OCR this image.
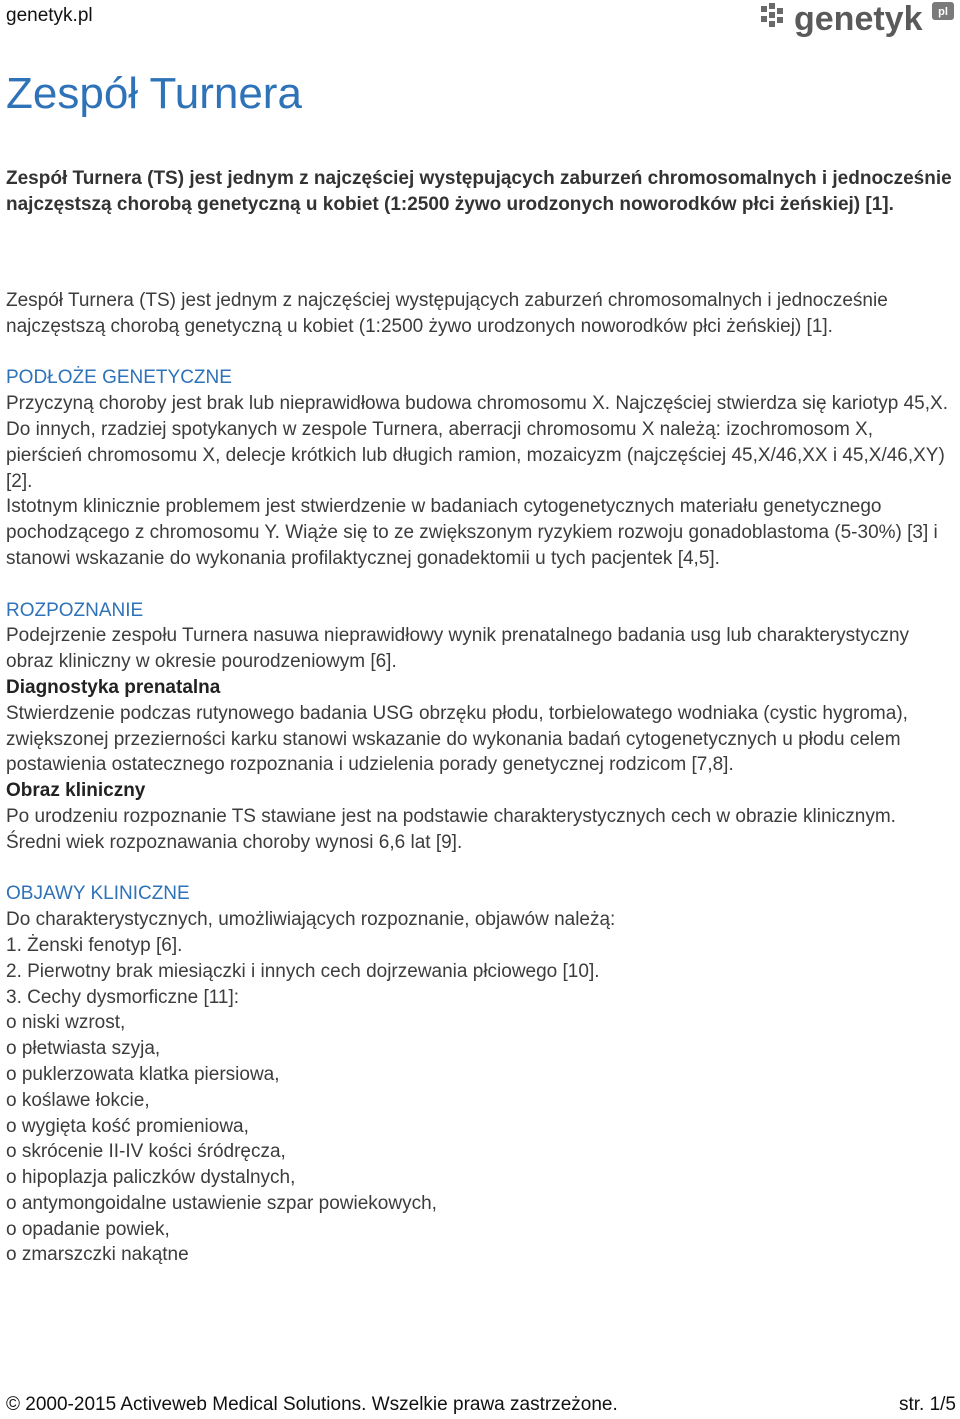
genetyk.pl	genetyk pl
Zespół Turnera

Zespół Turnera (TS) jest jednym z najczęściej występujących zaburzeń chromosomalnych i jednocześnie najczęstszą chorobą genetyczną u kobiet (1:2500 żywo urodzonych noworodków płci żeńskiej) [1].

Zespół Turnera (TS) jest jednym z najczęściej występujących zaburzeń chromosomalnych i jednocześnie najczęstszą chorobą genetyczną u kobiet (1:2500 żywo urodzonych noworodków płci żeńskiej) [1].

PODŁOŻE GENETYCZNE

Przyczyną choroby jest brak lub nieprawidłowa budowa chromosomu X. Najczęściej stwierdza się kariotyp 45,X. Do innych, rzadziej spotykanych w zespole Turnera, aberracji chromosomu X należą: izochromosom X, pierścień chromosomu X, delecje krótkich lub długich ramion, mozaicyzm (najczęściej 45,X/46,XX i 45,X/46,XY) [2].

Istotnym klinicznie problemem jest stwierdzenie w badaniach cytogenetycznych materiału genetycznego pochodzącego z chromosomu Y. Wiąże się to ze zwiększonym ryzykiem rozwoju gonadoblastoma (5-30%) [3] i stanowi wskazanie do wykonania profilaktycznej gonadektomii u tych pacjentek [4,5].

ROZPOZNANIE

Podejrzenie zespołu Turnera nasuwa nieprawidłowy wynik prenatalnego badania usg lub charakterystyczny obraz kliniczny w okresie pourodzeniowym [6].

Diagnostyka prenatalna

Stwierdzenie podczas rutynowego badania USG obrzęku płodu, torbielowatego wodniaka (cystic hygroma), zwiększonej przezierności karku stanowi wskazanie do wykonania badań cytogenetycznych u płodu celem postawienia ostatecznego rozpoznania i udzielenia porady genetycznej rodzicom [7,8].

Obraz kliniczny

Po urodzeniu rozpoznanie TS stawiane jest na podstawie charakterystycznych cech w obrazie klinicznym. Średni wiek rozpoznawania choroby wynosi 6,6 lat [9].

OBJAWY KLINICZNE

Do charakterystycznych, umożliwiających rozpoznanie, objawów należą:

1. Żenski fenotyp [6].

2. Pierwotny brak miesiączki i innych cech dojrzewania płciowego [10].

3. Cechy dysmorficzne [11]:

o niski wzrost,

o płetwiasta szyja,

o puklerzowata klatka piersiowa,

o koślawe łokcie,

o wygięta kość promieniowa,

o skrócenie II-IV kości śródręcza,

o hipoplazja paliczków dystalnych,

o antymongoidalne ustawienie szpar powiekowych,

o opadanie powiek,

o zmarszczki nakątne

© 2000-2015 Activeweb Medical Solutions. Wszelkie prawa zastrzeżone.	str. 1/5
